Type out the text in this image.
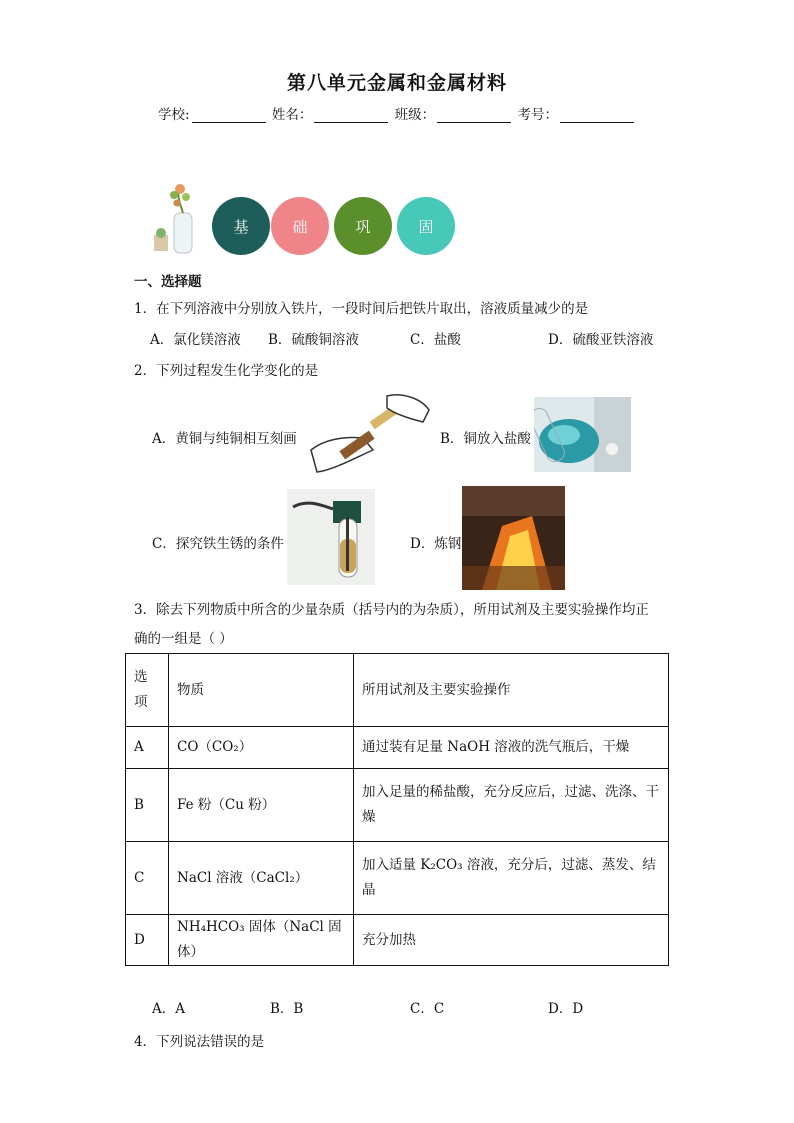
第八单元金属和金属材料
学校:	姓名：	班级：	考号：
基	础	巩	固
一、选择题
1．在下列溶液中分别放入铁片，一段时间后把铁片取出，溶液质量减少的是
A．氯化镁溶液 B．硫酸铜溶液	C．盐酸	D．硫酸亚铁溶液
2．下列过程发生化学变化的是
A．黄铜与纯铜相互刻画	B．铜放入盐酸
C．探究铁生锈的条件	D．炼钢
3．除去下列物质中所含的少量杂质（括号内的为杂质），所用试剂及主要实验操作均正
确的一组是（ ）
选项	物质	所用试剂及主要实验操作
A	CO（CO₂）	通过装有足量 NaOH 溶液的洗气瓶后，干燥
B	Fe 粉（Cu 粉）	加入足量的稀盐酸，充分反应后，过滤、洗涤、干燥
C	NaCl 溶液（CaCl₂）	加入适量 K₂CO₃ 溶液，充分后，过滤、蒸发、结晶
D	NH₄HCO₃ 固体（NaCl 固体）	充分加热
A．A	B．B	C．C	D．D
4．下列说法错误的是
